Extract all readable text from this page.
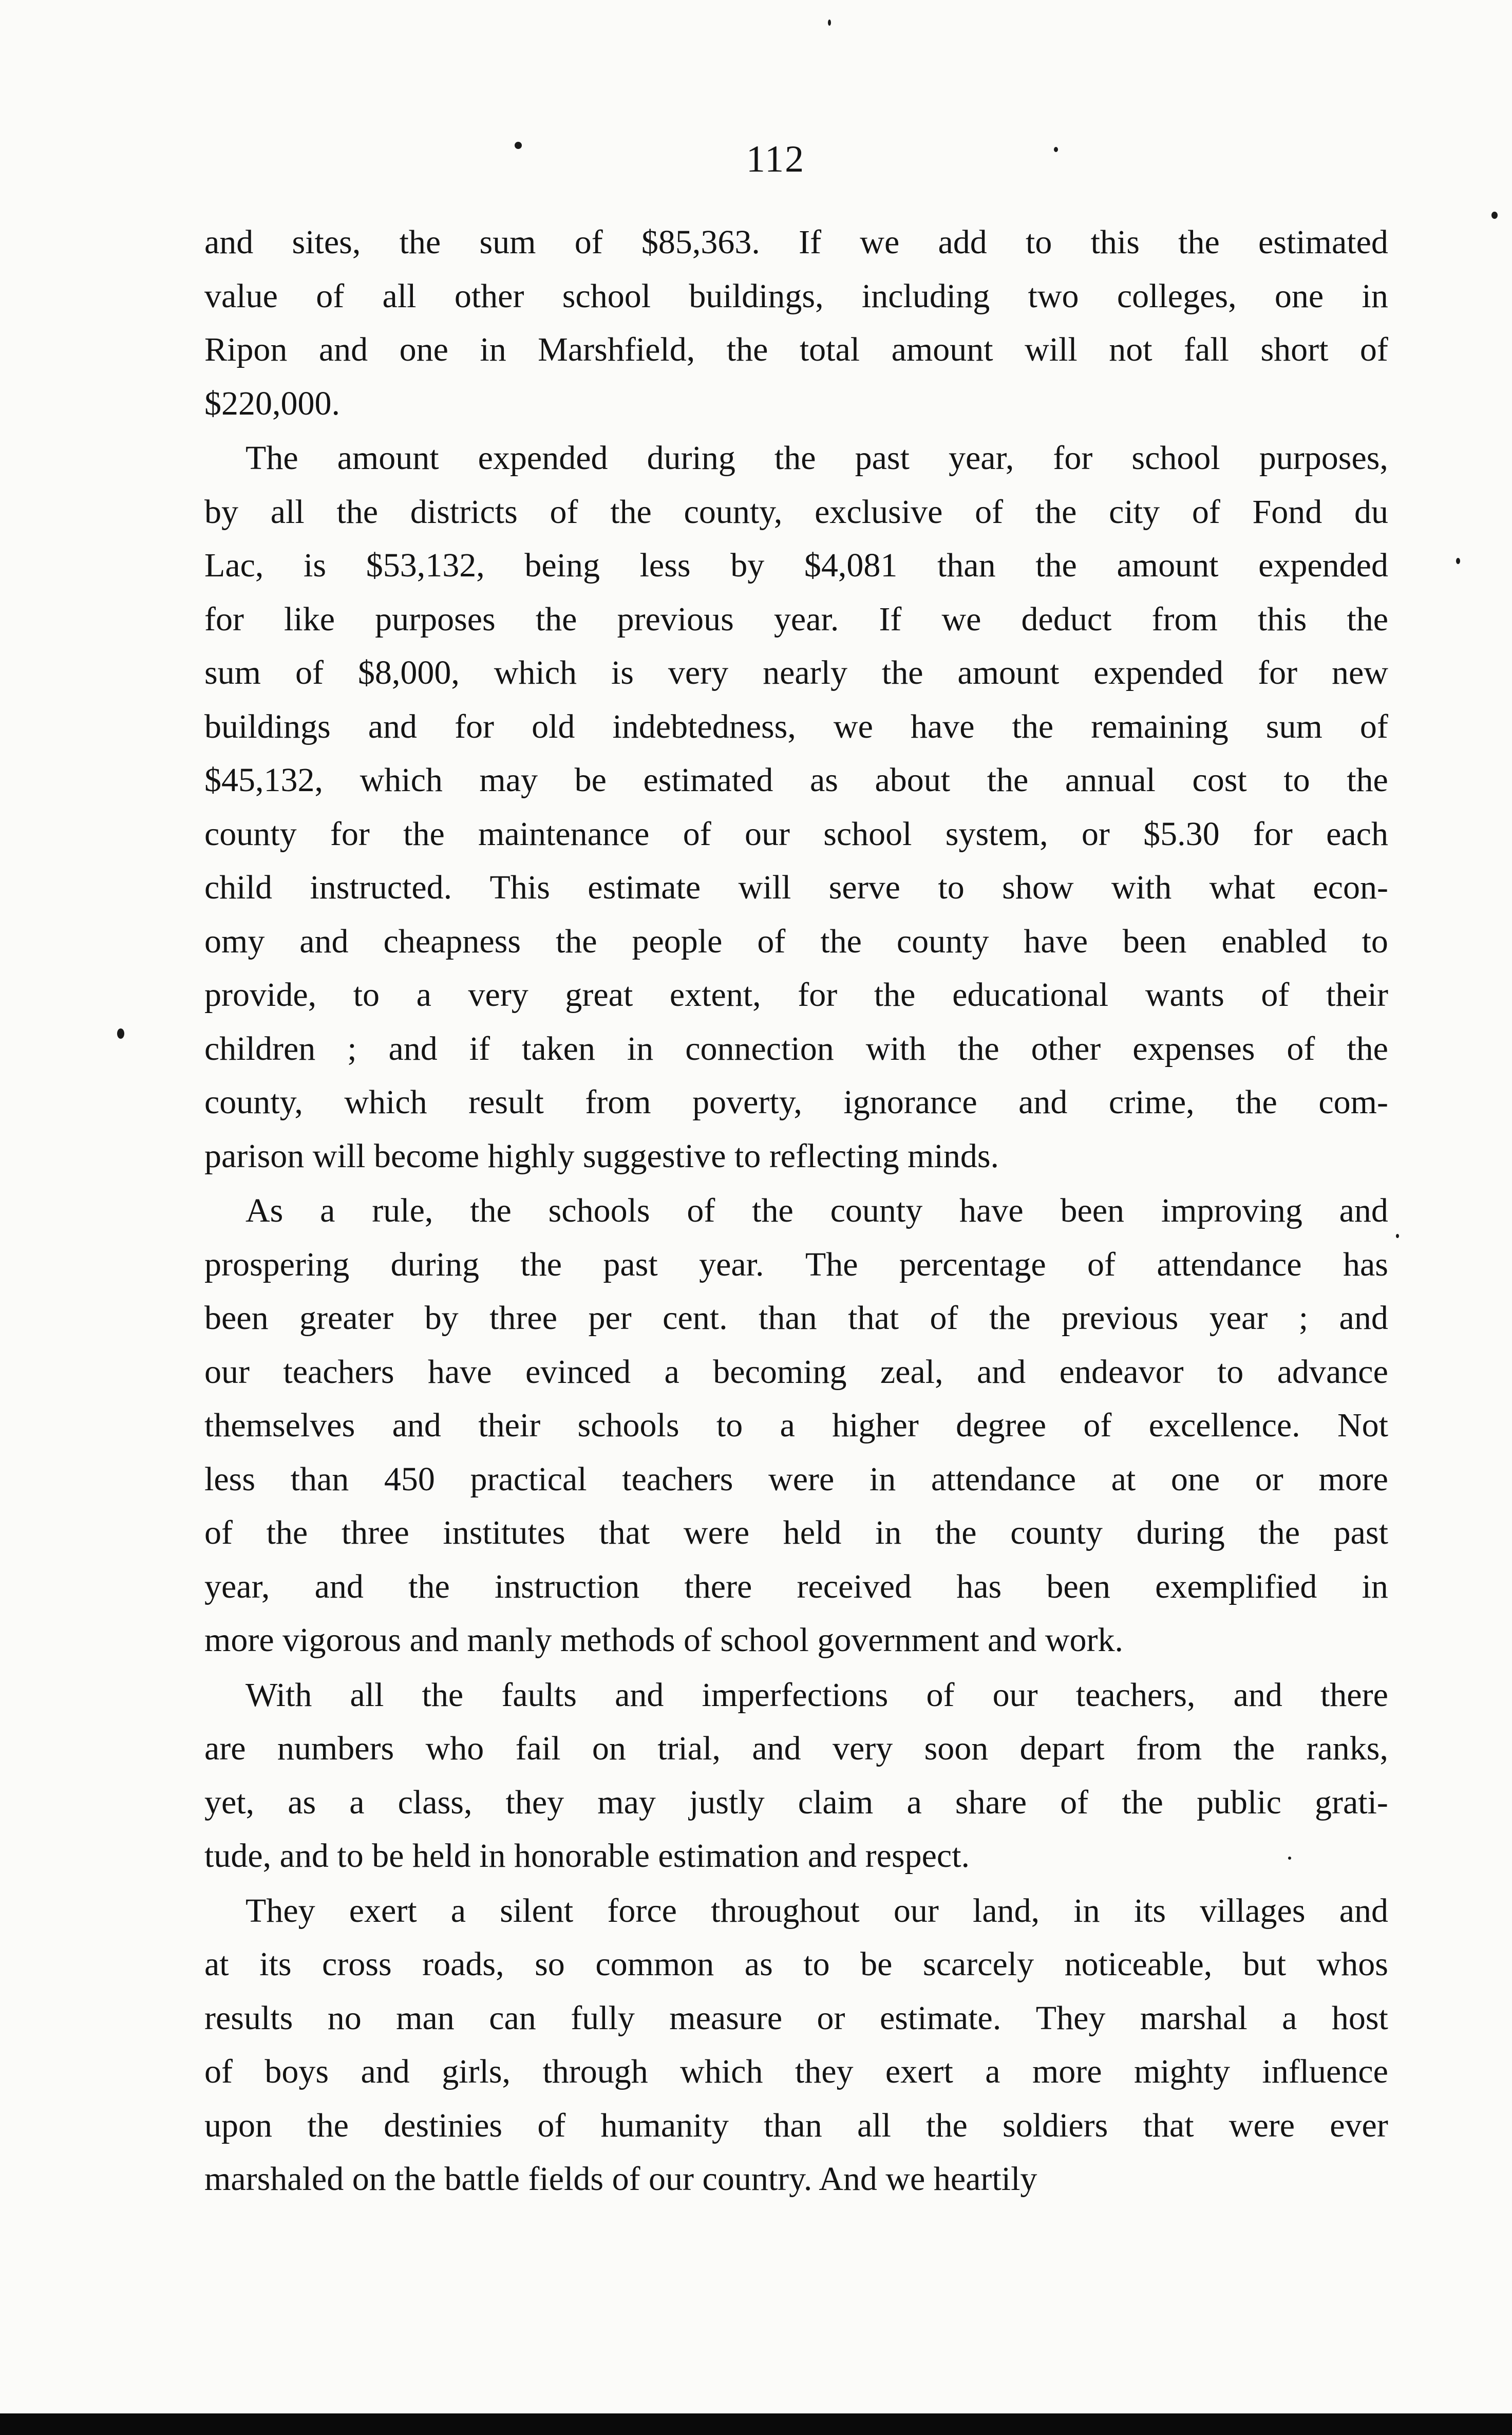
112
and sites, the sum of $85,363. If we add to this the estimated
value of all other school buildings, including two colleges, one in
Ripon and one in Marshfield, the total amount will not fall short of
$220,000.
The amount expended during the past year, for school purposes,
by all the districts of the county, exclusive of the city of Fond du
Lac, is $53,132, being less by $4,081 than the amount expended
for like purposes the previous year. If we deduct from this the
sum of $8,000, which is very nearly the amount expended for new
buildings and for old indebtedness, we have the remaining sum of
$45,132, which may be estimated as about the annual cost to the
county for the maintenance of our school system, or $5.30 for each
child instructed. This estimate will serve to show with what econ-
omy and cheapness the people of the county have been enabled to
provide, to a very great extent, for the educational wants of their
children ; and if taken in connection with the other expenses of the
county, which result from poverty, ignorance and crime, the com-
parison will become highly suggestive to reflecting minds.
As a rule, the schools of the county have been improving and
prospering during the past year. The percentage of attendance has
been greater by three per cent. than that of the previous year ; and
our teachers have evinced a becoming zeal, and endeavor to advance
themselves and their schools to a higher degree of excellence. Not
less than 450 practical teachers were in attendance at one or more
of the three institutes that were held in the county during the past
year, and the instruction there received has been exemplified in
more vigorous and manly methods of school government and work.
With all the faults and imperfections of our teachers, and there
are numbers who fail on trial, and very soon depart from the ranks,
yet, as a class, they may justly claim a share of the public grati-
tude, and to be held in honorable estimation and respect.
They exert a silent force throughout our land, in its villages and
at its cross roads, so common as to be scarcely noticeable, but whos
results no man can fully measure or estimate. They marshal a host
of boys and girls, through which they exert a more mighty influence
upon the destinies of humanity than all the soldiers that were ever
marshaled on the battle fields of our country. And we heartily
